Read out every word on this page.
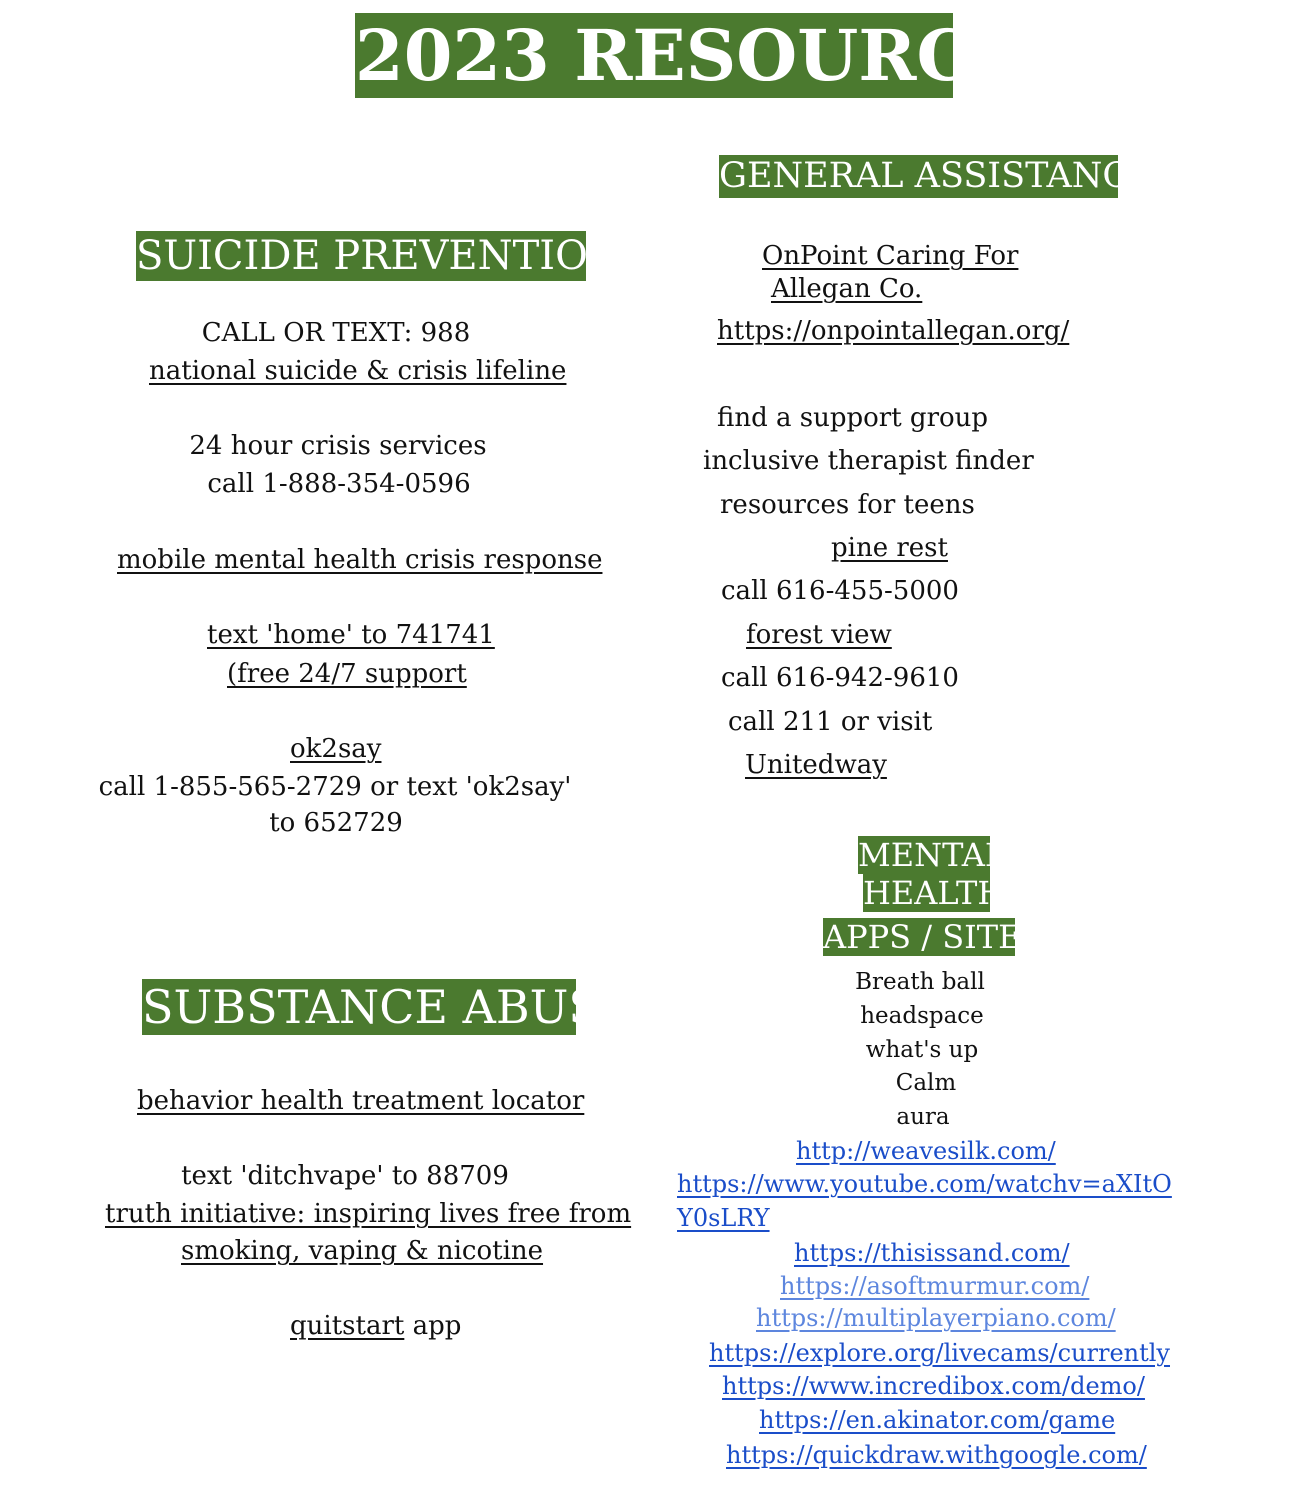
2023 RESOURCES
SUICIDE PREVENTION
CALL OR TEXT: 988
national suicide & crisis lifeline
24 hour crisis services
call 1-888-354-0596
mobile mental health crisis response
text 'home' to 741741
(free 24/7 support
ok2say
call 1-855-565-2729 or text 'ok2say'
to 652729
SUBSTANCE ABUSE
behavior health treatment locator
text 'ditchvape' to 88709
truth initiative: inspiring lives free from
smoking, vaping & nicotine
quitstart app
GENERAL ASSISTANCE
OnPoint Caring For
Allegan Co.
https://onpointallegan.org/
find a support group
inclusive therapist finder
resources for teens
pine rest
call 616-455-5000
forest view
call 616-942-9610
call 211 or visit
Unitedway
MENTAL
HEALTH
APPS / SITES
Breath ball
headspace
what's up
Calm
aura
http://weavesilk.com/
https://www.youtube.com/watchv=aXItO
Y0sLRY
https://thisissand.com/
https://asoftmurmur.com/
https://multiplayerpiano.com/
https://explore.org/livecams/currently
https://www.incredibox.com/demo/
https://en.akinator.com/game
https://quickdraw.withgoogle.com/
